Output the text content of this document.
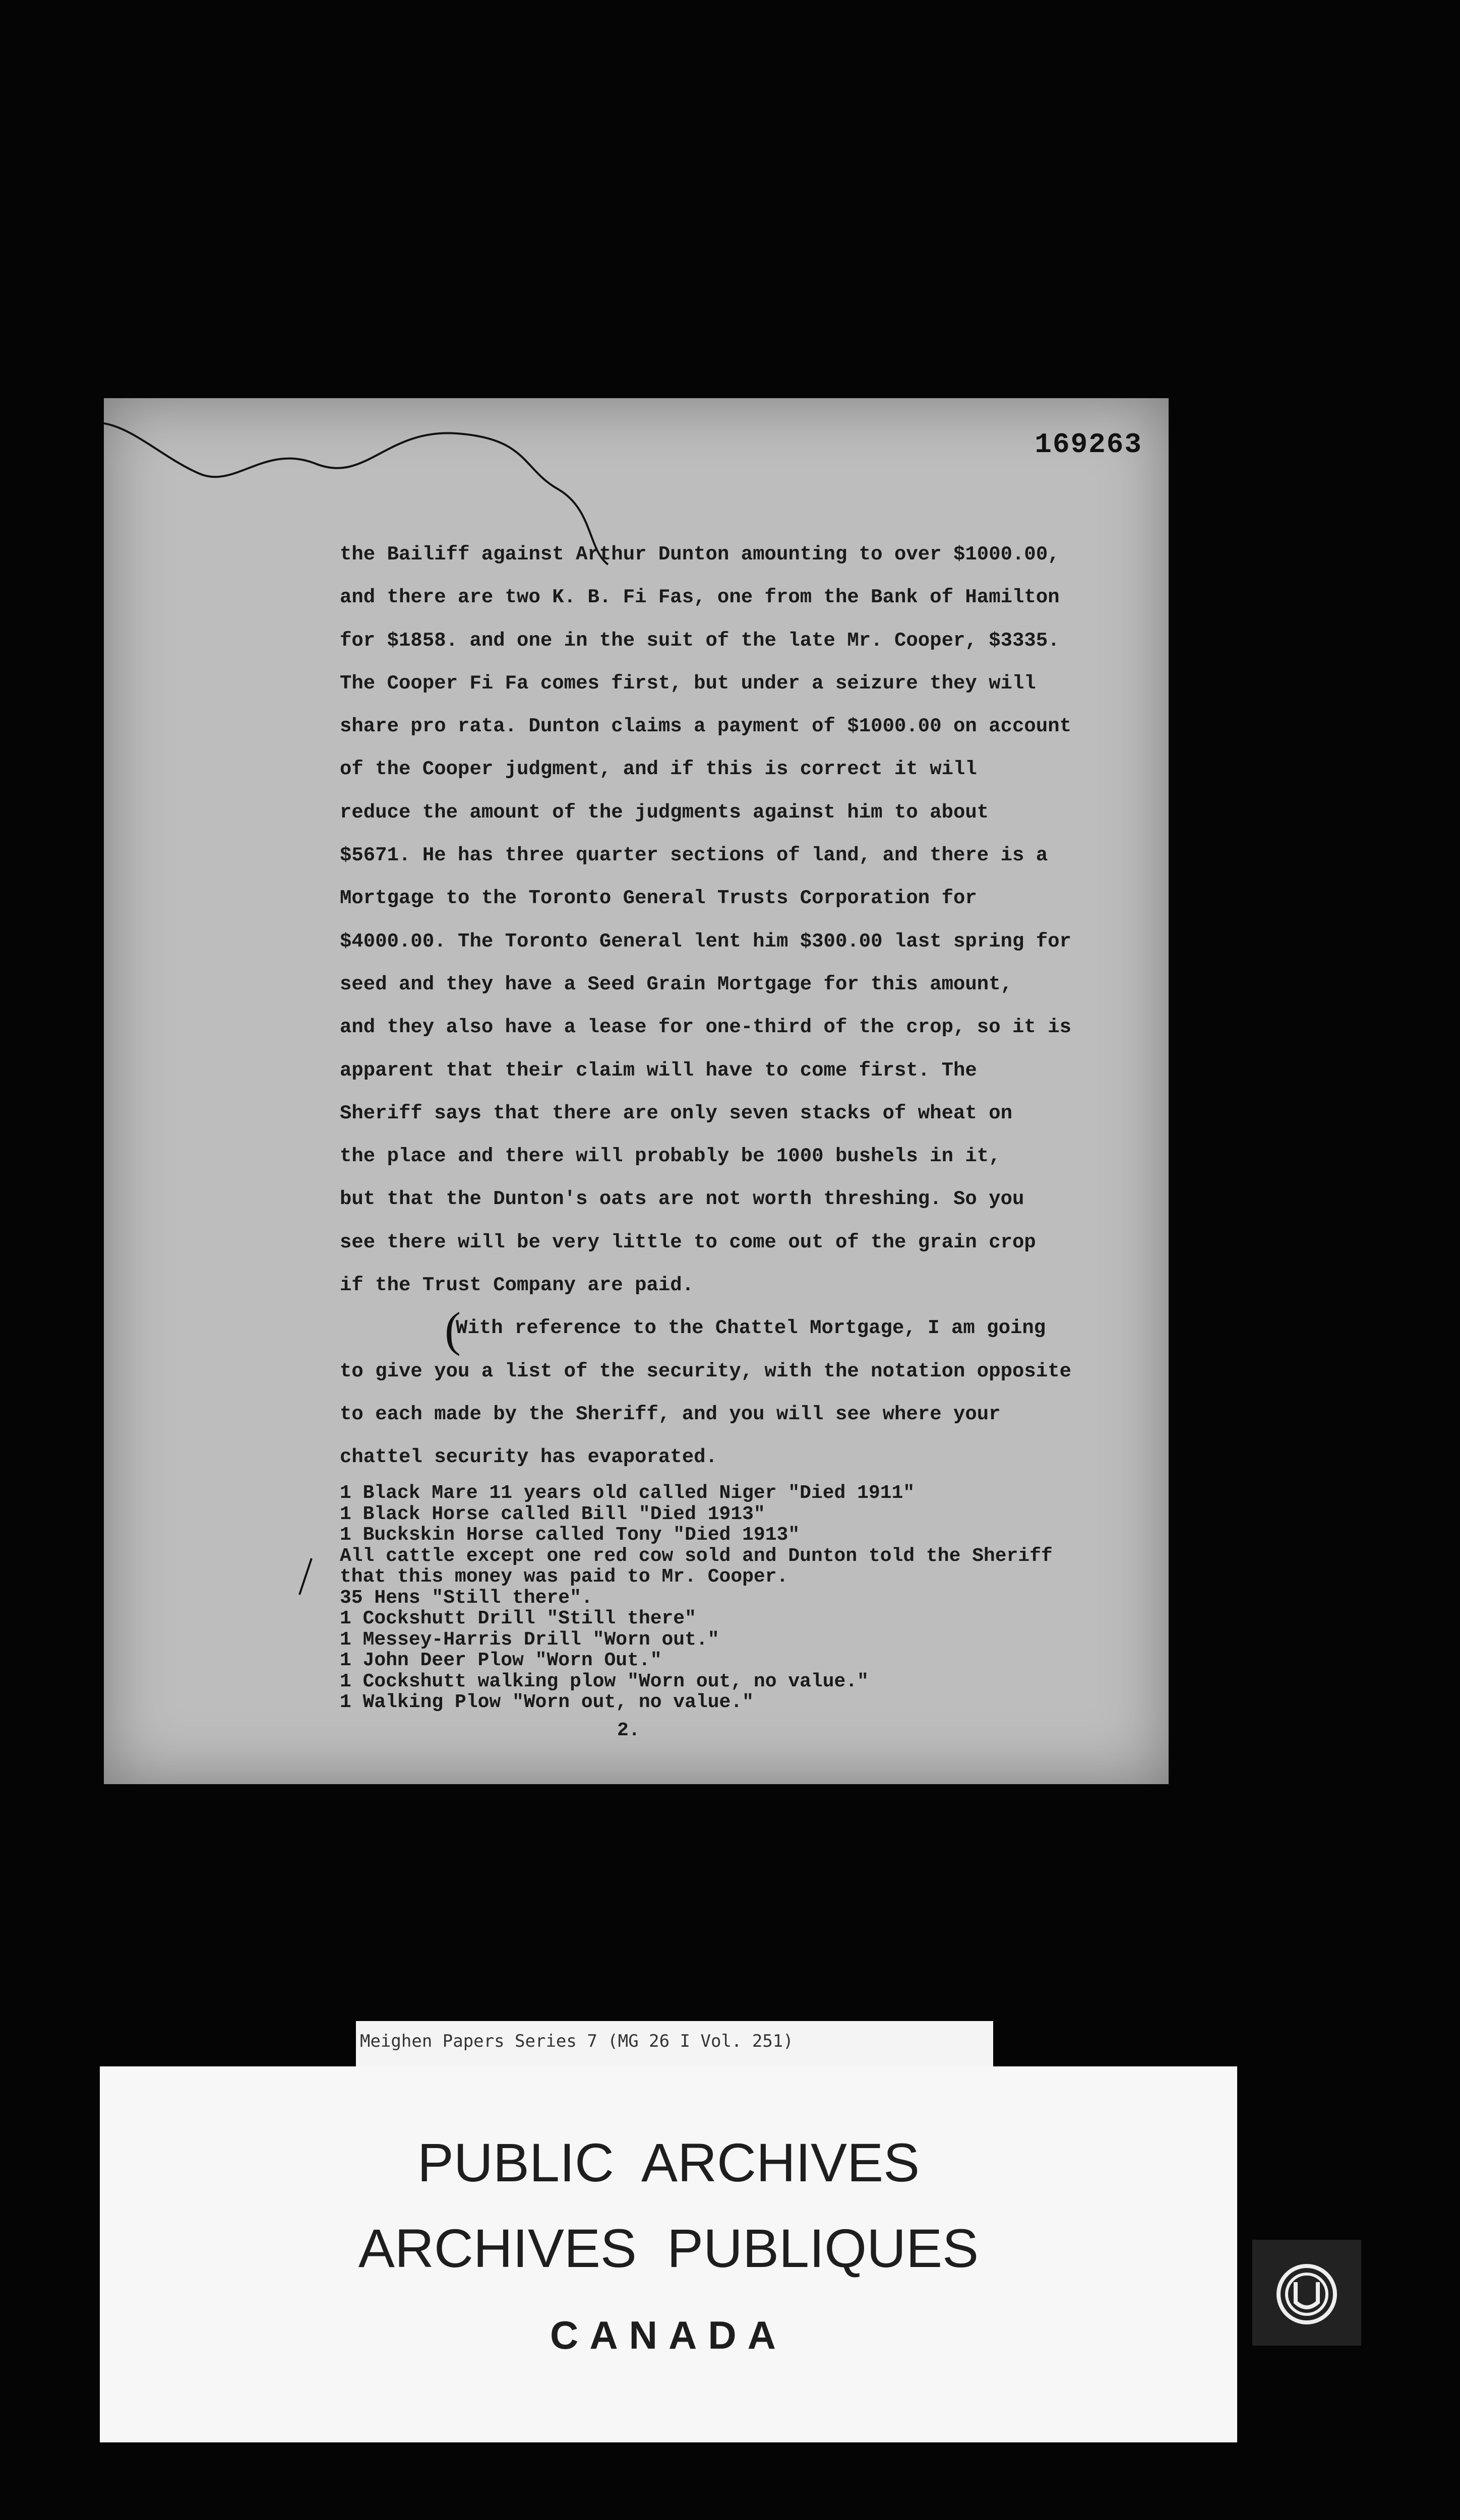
169263
the Bailiff against Arthur Dunton amounting to over $1000.00,
and there are two K. B. Fi Fas, one from the Bank of Hamilton
for $1858. and one in the suit of the late Mr. Cooper, $3335.
The Cooper Fi Fa comes first, but under a seizure they will
share pro rata. Dunton claims a payment of $1000.00 on account
of the Cooper judgment, and if this is correct it will
reduce the amount of the judgments against him to about
$5671. He has three quarter sections of land, and there is a
Mortgage to the Toronto General Trusts Corporation for
$4000.00. The Toronto General lent him $300.00 last spring for
seed and they have a Seed Grain Mortgage for this amount,
and they also have a lease for one-third of the crop, so it is
apparent that their claim will have to come first. The
Sheriff says that there are only seven stacks of wheat on
the place and there will probably be 1000 bushels in it,
but that the Dunton's oats are not worth threshing. So you
see there will be very little to come out of the grain crop
if the Trust Company are paid.
With reference to the Chattel Mortgage, I am going
to give you a list of the security, with the notation opposite
to each made by the Sheriff, and you will see where your
chattel security has evaporated.
(
1 Black Mare 11 years old called Niger "Died 1911"
1 Black Horse called Bill "Died 1913"
1 Buckskin Horse called Tony "Died 1913"
All cattle except one red cow sold and Dunton told the Sheriff
that this money was paid to Mr. Cooper.
35 Hens "Still there".
1 Cockshutt Drill "Still there"
1 Messey-Harris Drill "Worn out."
1 John Deer Plow "Worn Out."
1 Cockshutt walking plow "Worn out, no value."
1 Walking Plow "Worn out, no value."
2.
Meighen Papers Series 7 (MG 26 I Vol. 251)
PUBLIC ARCHIVES
ARCHIVES PUBLIQUES
CANADA
